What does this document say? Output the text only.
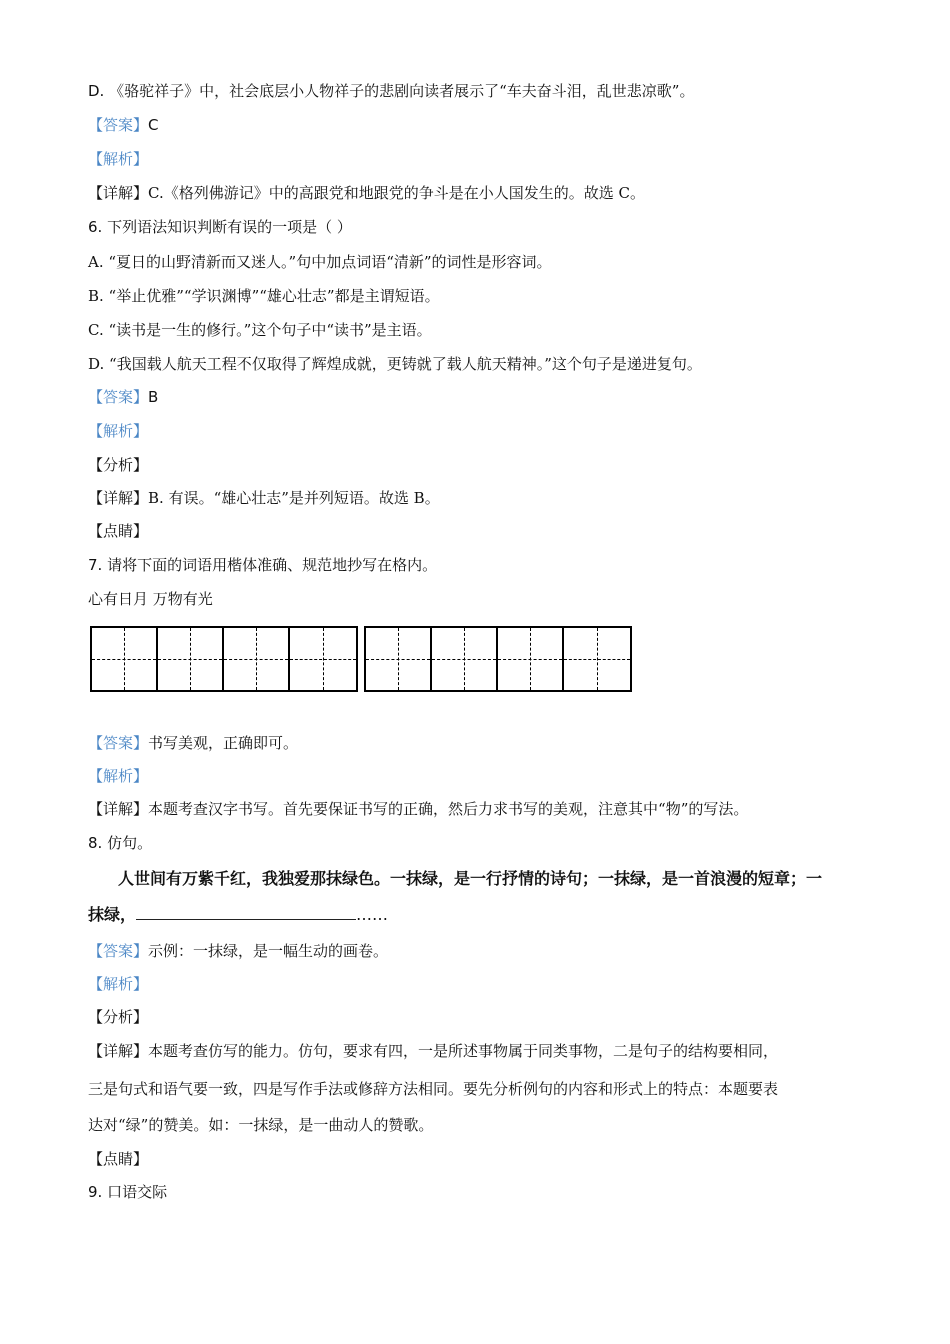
D. 《骆驼祥子》中，社会底层小人物祥子的悲剧向读者展示了“车夫奋斗泪，乱世悲凉歌”。
【答案】C
【解析】
【详解】C.《格列佛游记》中的高跟党和地跟党的争斗是在小人国发生的。故选 C。
6. 下列语法知识判断有误的一项是（ ）
A. “夏日的山野清新而又迷人。”句中加点词语“清新”的词性是形容词。
B. “举止优雅”“学识渊博”“雄心壮志”都是主谓短语。
C. “读书是一生的修行。”这个句子中“读书”是主语。
D. “我国载人航天工程不仅取得了辉煌成就，更铸就了载人航天精神。”这个句子是递进复句。
【答案】B
【解析】
【分析】
【详解】B. 有误。“雄心壮志”是并列短语。故选 B。
【点睛】
7. 请将下面的词语用楷体准确、规范地抄写在格内。
心有日月 万物有光
【答案】书写美观，正确即可。
【解析】
【详解】本题考查汉字书写。首先要保证书写的正确，然后力求书写的美观，注意其中“物”的写法。
8. 仿句。
人世间有万紫千红，我独爱那抹绿色。一抹绿，是一行抒情的诗句；一抹绿，是一首浪漫的短章；一
抹绿，	……
【答案】示例：一抹绿，是一幅生动的画卷。
【解析】
【分析】
【详解】本题考查仿写的能力。仿句，要求有四，一是所述事物属于同类事物，二是句子的结构要相同，
三是句式和语气要一致，四是写作手法或修辞方法相同。要先分析例句的内容和形式上的特点：本题要表
达对“绿”的赞美。如：一抹绿，是一曲动人的赞歌。
【点睛】
9. 口语交际
